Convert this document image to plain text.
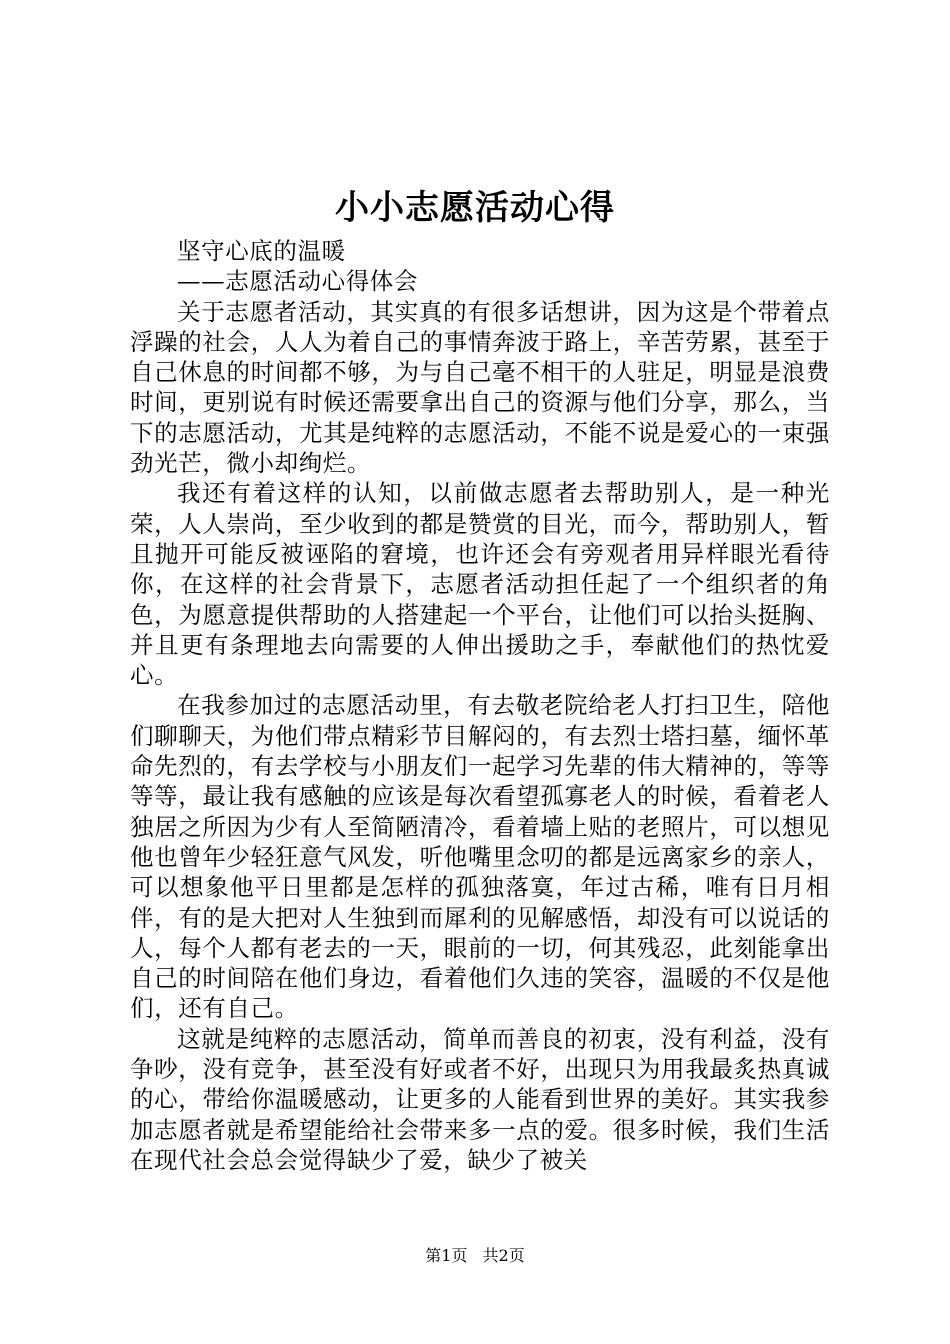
小小志愿活动心得

坚守心底的温暖

——志愿活动心得体会

关于志愿者活动，其实真的有很多话想讲，因为这是个带着点浮躁的社会，人人为着自己的事情奔波于路上，辛苦劳累，甚至于自己休息的时间都不够，为与自己毫不相干的人驻足，明显是浪费时间，更别说有时候还需要拿出自己的资源与他们分享，那么，当下的志愿活动，尤其是纯粹的志愿活动，不能不说是爱心的一束强劲光芒，微小却绚烂。

我还有着这样的认知，以前做志愿者去帮助别人，是一种光荣，人人崇尚，至少收到的都是赞赏的目光，而今，帮助别人，暂且抛开可能反被诬陷的窘境，也许还会有旁观者用异样眼光看待你，在这样的社会背景下，志愿者活动担任起了一个组织者的角色，为愿意提供帮助的人搭建起一个平台，让他们可以抬头挺胸、并且更有条理地去向需要的人伸出援助之手，奉献他们的热忱爱心。

在我参加过的志愿活动里，有去敬老院给老人打扫卫生，陪他们聊聊天，为他们带点精彩节目解闷的，有去烈士塔扫墓，缅怀革命先烈的，有去学校与小朋友们一起学习先辈的伟大精神的，等等等等，最让我有感触的应该是每次看望孤寡老人的时候，看着老人独居之所因为少有人至简陋清冷，看着墙上贴的老照片，可以想见他也曾年少轻狂意气风发，听他嘴里念叨的都是远离家乡的亲人，可以想象他平日里都是怎样的孤独落寞，年过古稀，唯有日月相伴，有的是大把对人生独到而犀利的见解感悟，却没有可以说话的人，每个人都有老去的一天，眼前的一切，何其残忍，此刻能拿出自己的时间陪在他们身边，看着他们久违的笑容，温暖的不仅是他们，还有自己。

这就是纯粹的志愿活动，简单而善良的初衷，没有利益，没有争吵，没有竞争，甚至没有好或者不好，出现只为用我最炙热真诚的心，带给你温暖感动，让更多的人能看到世界的美好。其实我参加志愿者就是希望能给社会带来多一点的爱。很多时候，我们生活在现代社会总会觉得缺少了爱，缺少了被关

第1页 共2页
